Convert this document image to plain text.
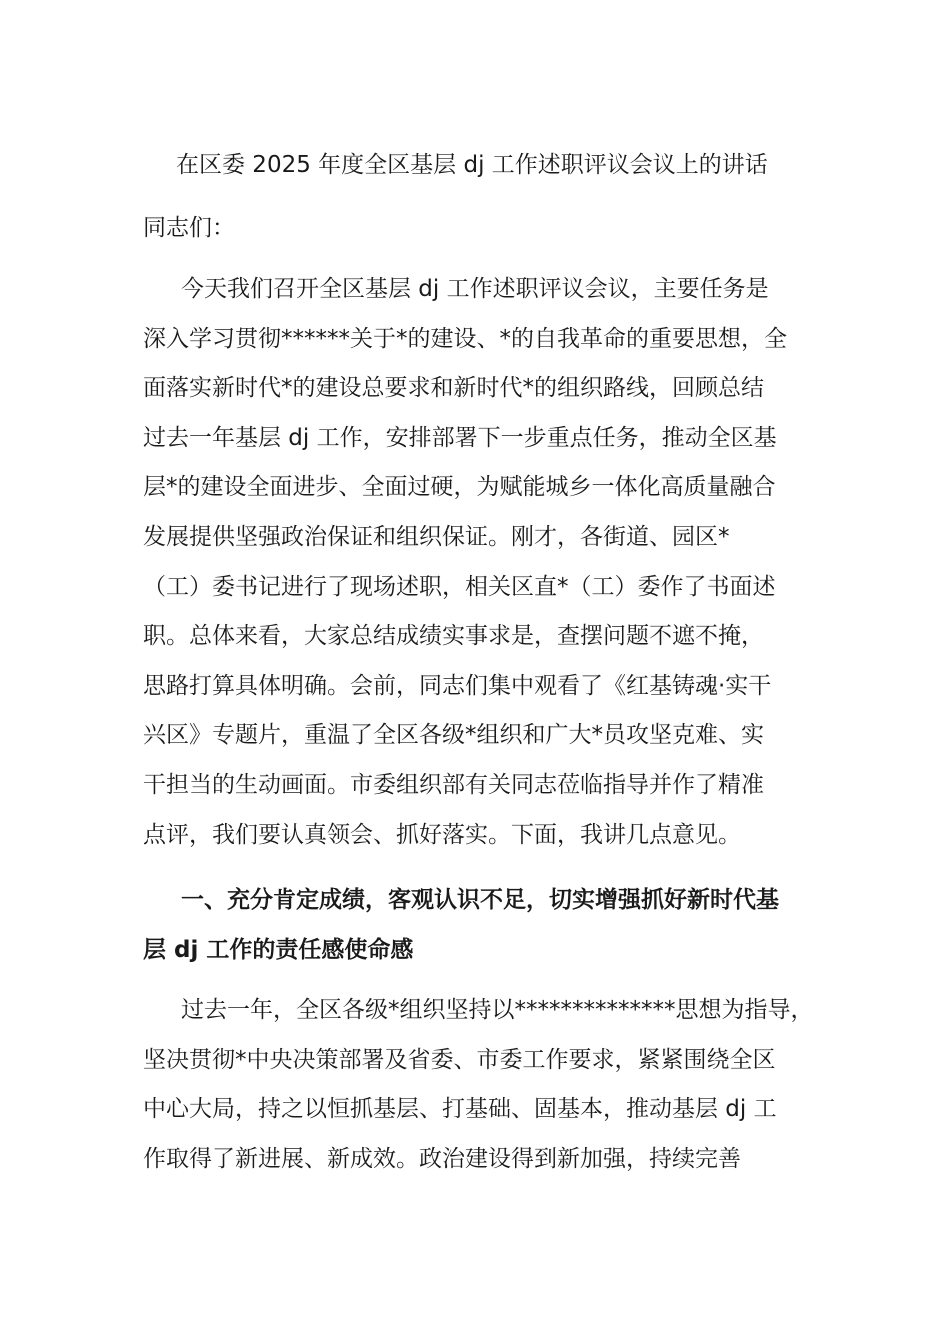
在区委 2025 年度全区基层 dj 工作述职评议会议上的讲话
同志们：
今天我们召开全区基层 dj 工作述职评议会议，主要任务是
深入学习贯彻******关于*的建设、*的自我革命的重要思想，全
面落实新时代*的建设总要求和新时代*的组织路线，回顾总结
过去一年基层 dj 工作，安排部署下一步重点任务，推动全区基
层*的建设全面进步、全面过硬，为赋能城乡一体化高质量融合
发展提供坚强政治保证和组织保证。刚才，各街道、园区*
（工）委书记进行了现场述职，相关区直*（工）委作了书面述
职。总体来看，大家总结成绩实事求是，查摆问题不遮不掩，
思路打算具体明确。会前，同志们集中观看了《红基铸魂·实干
兴区》专题片，重温了全区各级*组织和广大*员攻坚克难、实
干担当的生动画面。市委组织部有关同志莅临指导并作了精准
点评，我们要认真领会、抓好落实。下面，我讲几点意见。
一、充分肯定成绩，客观认识不足，切实增强抓好新时代基
层 dj 工作的责任感使命感
过去一年，全区各级*组织坚持以**************思想为指导，
坚决贯彻*中央决策部署及省委、市委工作要求，紧紧围绕全区
中心大局，持之以恒抓基层、打基础、固基本，推动基层 dj 工
作取得了新进展、新成效。政治建设得到新加强，持续完善
